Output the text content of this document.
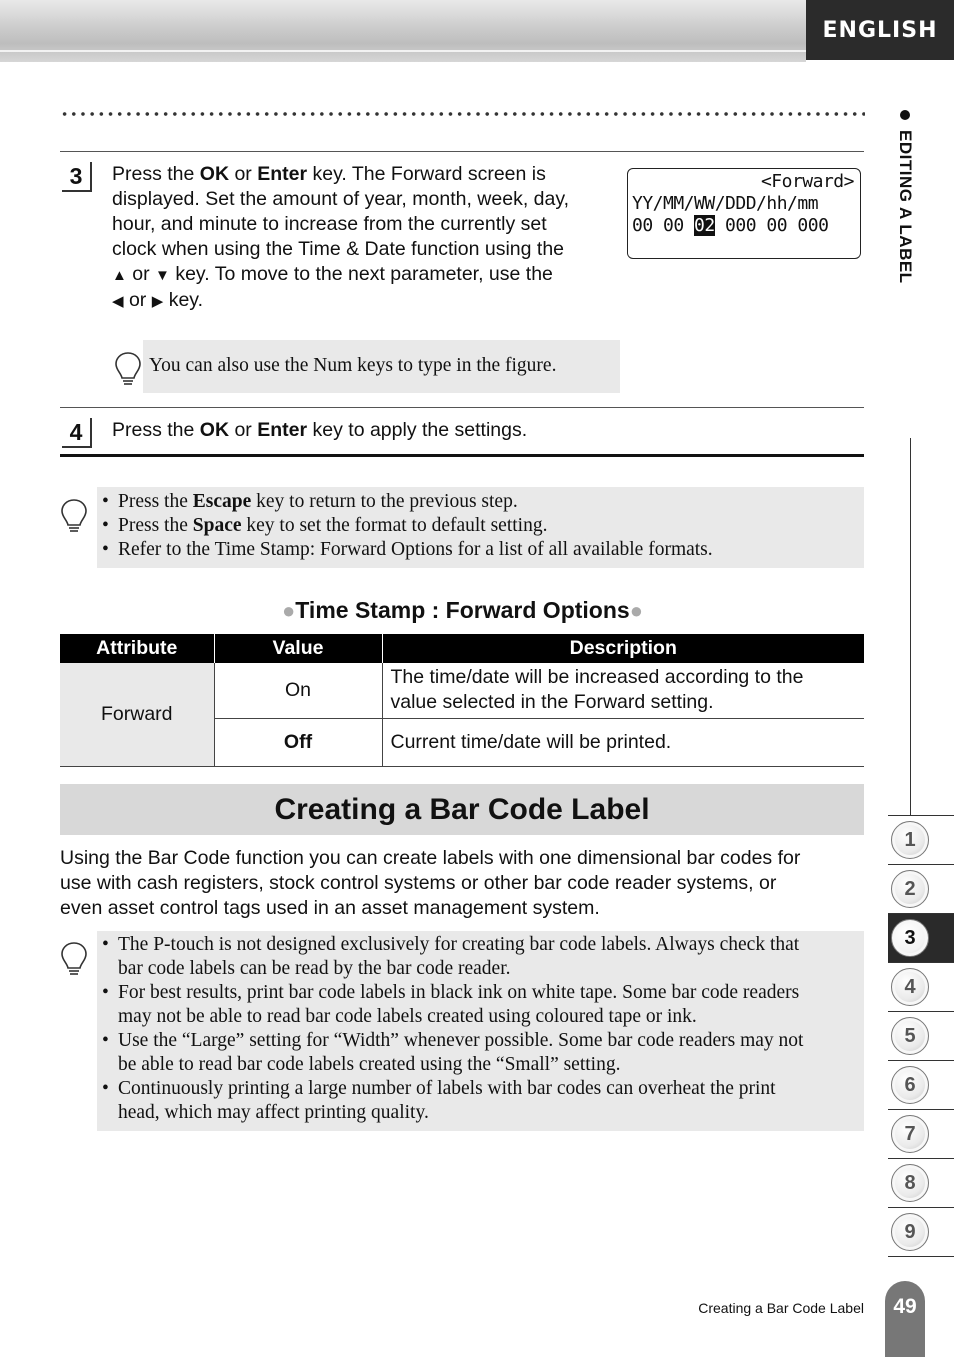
ENGLISH
EDITING A LABEL
1
2
3
4
5
6
7
8
9
3	Press the OK or Enter key. The Forward screen is
displayed. Set the amount of year, month, week, day,
hour, and minute to increase from the currently set
clock when using the Time & Date function using the
▲ or ▼ key. To move to the next parameter, use the
◀ or ▶ key.
<Forward>
YY/MM/WW/DDD/hh/mm
00 00 02 000 00 000
You can also use the Num keys to type in the figure.
4	Press the OK or Enter key to apply the settings.
• Press the Escape key to return to the previous step.
• Press the Space key to set the format to default setting.
• Refer to the Time Stamp: Forward Options for a list of all available formats.
●Time Stamp : Forward Options●
Attribute	Value	Description
Forward	On	The time/date will be increased according to the
value selected in the Forward setting.

	Off	Current time/date will be printed.
Creating a Bar Code Label
Using the Bar Code function you can create labels with one dimensional bar codes for
use with cash registers, stock control systems or other bar code reader systems, or
even asset control tags used in an asset management system.
• The P-touch is not designed exclusively for creating bar code labels. Always check that
bar code labels can be read by the bar code reader.
• For best results, print bar code labels in black ink on white tape. Some bar code readers
may not be able to read bar code labels created using coloured tape or ink.
• Use the “Large” setting for “Width” whenever possible. Some bar code readers may not
be able to read bar code labels created using the “Small” setting.
• Continuously printing a large number of labels with bar codes can overheat the print
head, which may affect printing quality.
Creating a Bar Code Label 49
